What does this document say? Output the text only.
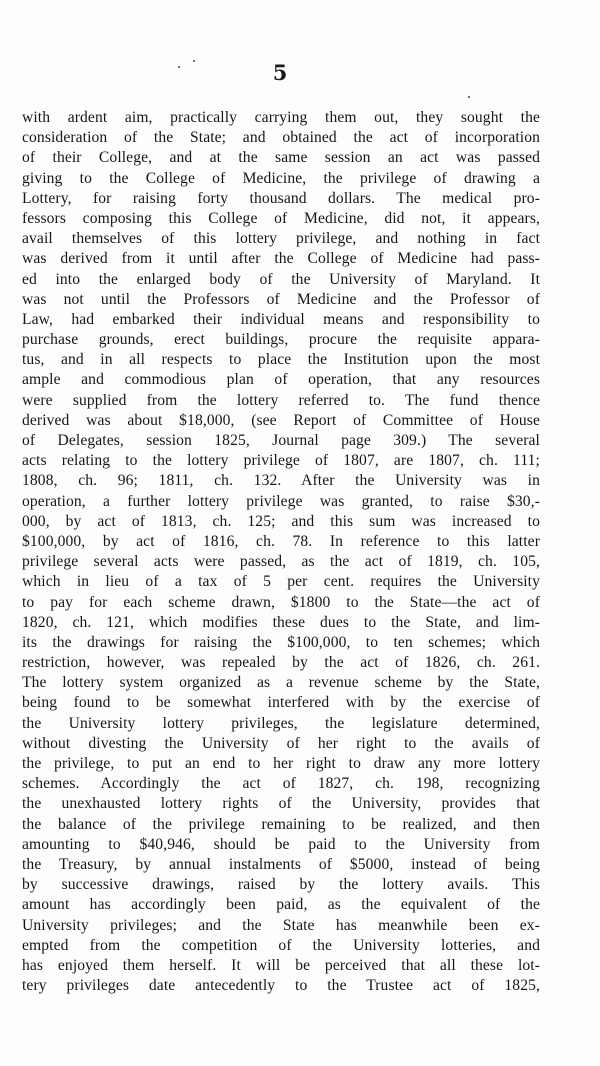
5
with ardent aim, practically carrying them out, they sought the
consideration of the State; and obtained the act of incorporation
of their College, and at the same session an act was passed
giving to the College of Medicine, the privilege of drawing a
Lottery, for raising forty thousand dollars. The medical pro-
fessors composing this College of Medicine, did not, it appears,
avail themselves of this lottery privilege, and nothing in fact
was derived from it until after the College of Medicine had pass-
ed into the enlarged body of the University of Maryland. It
was not until the Professors of Medicine and the Professor of
Law, had embarked their individual means and responsibility to
purchase grounds, erect buildings, procure the requisite appara-
tus, and in all respects to place the Institution upon the most
ample and commodious plan of operation, that any resources
were supplied from the lottery referred to. The fund thence
derived was about $18,000, (see Report of Committee of House
of Delegates, session 1825, Journal page 309.) The several
acts relating to the lottery privilege of 1807, are 1807, ch. 111;
1808, ch. 96; 1811, ch. 132. After the University was in
operation, a further lottery privilege was granted, to raise $30,-
000, by act of 1813, ch. 125; and this sum was increased to
$100,000, by act of 1816, ch. 78. In reference to this latter
privilege several acts were passed, as the act of 1819, ch. 105,
which in lieu of a tax of 5 per cent. requires the University
to pay for each scheme drawn, $1800 to the State—the act of
1820, ch. 121, which modifies these dues to the State, and lim-
its the drawings for raising the $100,000, to ten schemes; which
restriction, however, was repealed by the act of 1826, ch. 261.
The lottery system organized as a revenue scheme by the State,
being found to be somewhat interfered with by the exercise of
the University lottery privileges, the legislature determined,
without divesting the University of her right to the avails of
the privilege, to put an end to her right to draw any more lottery
schemes. Accordingly the act of 1827, ch. 198, recognizing
the unexhausted lottery rights of the University, provides that
the balance of the privilege remaining to be realized, and then
amounting to $40,946, should be paid to the University from
the Treasury, by annual instalments of $5000, instead of being
by successive drawings, raised by the lottery avails. This
amount has accordingly been paid, as the equivalent of the
University privileges; and the State has meanwhile been ex-
empted from the competition of the University lotteries, and
has enjoyed them herself. It will be perceived that all these lot-
tery privileges date antecedently to the Trustee act of 1825,
